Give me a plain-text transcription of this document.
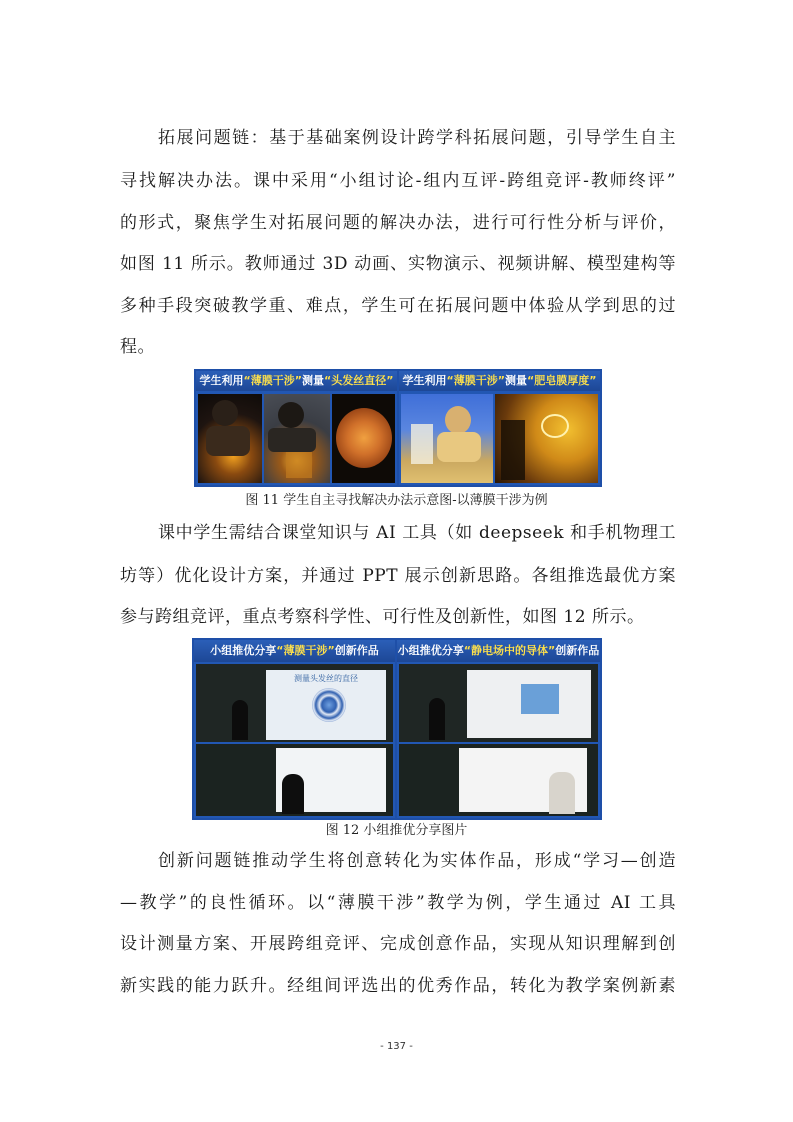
拓展问题链：基于基础案例设计跨学科拓展问题，引导学生自主
寻找解决办法。课中采用“小组讨论-组内互评-跨组竞评-教师终评”
的形式，聚焦学生对拓展问题的解决办法，进行可行性分析与评价，
如图 11 所示。教师通过 3D 动画、实物演示、视频讲解、模型建构等
多种手段突破教学重、难点，学生可在拓展问题中体验从学到思的过
程。
学生利用“薄膜干涉”测量“头发丝直径” 学生利用“薄膜干涉”测量“肥皂膜厚度”
图 11 学生自主寻找解决办法示意图-以薄膜干涉为例
课中学生需结合课堂知识与 AI 工具（如 deepseek 和手机物理工
坊等）优化设计方案，并通过 PPT 展示创新思路。各组推选最优方案
参与跨组竞评，重点考察科学性、可行性及创新性，如图 12 所示。
小组推优分享“薄膜干涉”创新作品
测量头发丝的直径
小组推优分享“静电场中的导体”创新作品
图 12 小组推优分享图片
创新问题链推动学生将创意转化为实体作品，形成“学习—创造
—教学”的良性循环。以“薄膜干涉”教学为例，学生通过 AI 工具
设计测量方案、开展跨组竞评、完成创意作品，实现从知识理解到创
新实践的能力跃升。经组间评选出的优秀作品，转化为教学案例新素
- 137 -
